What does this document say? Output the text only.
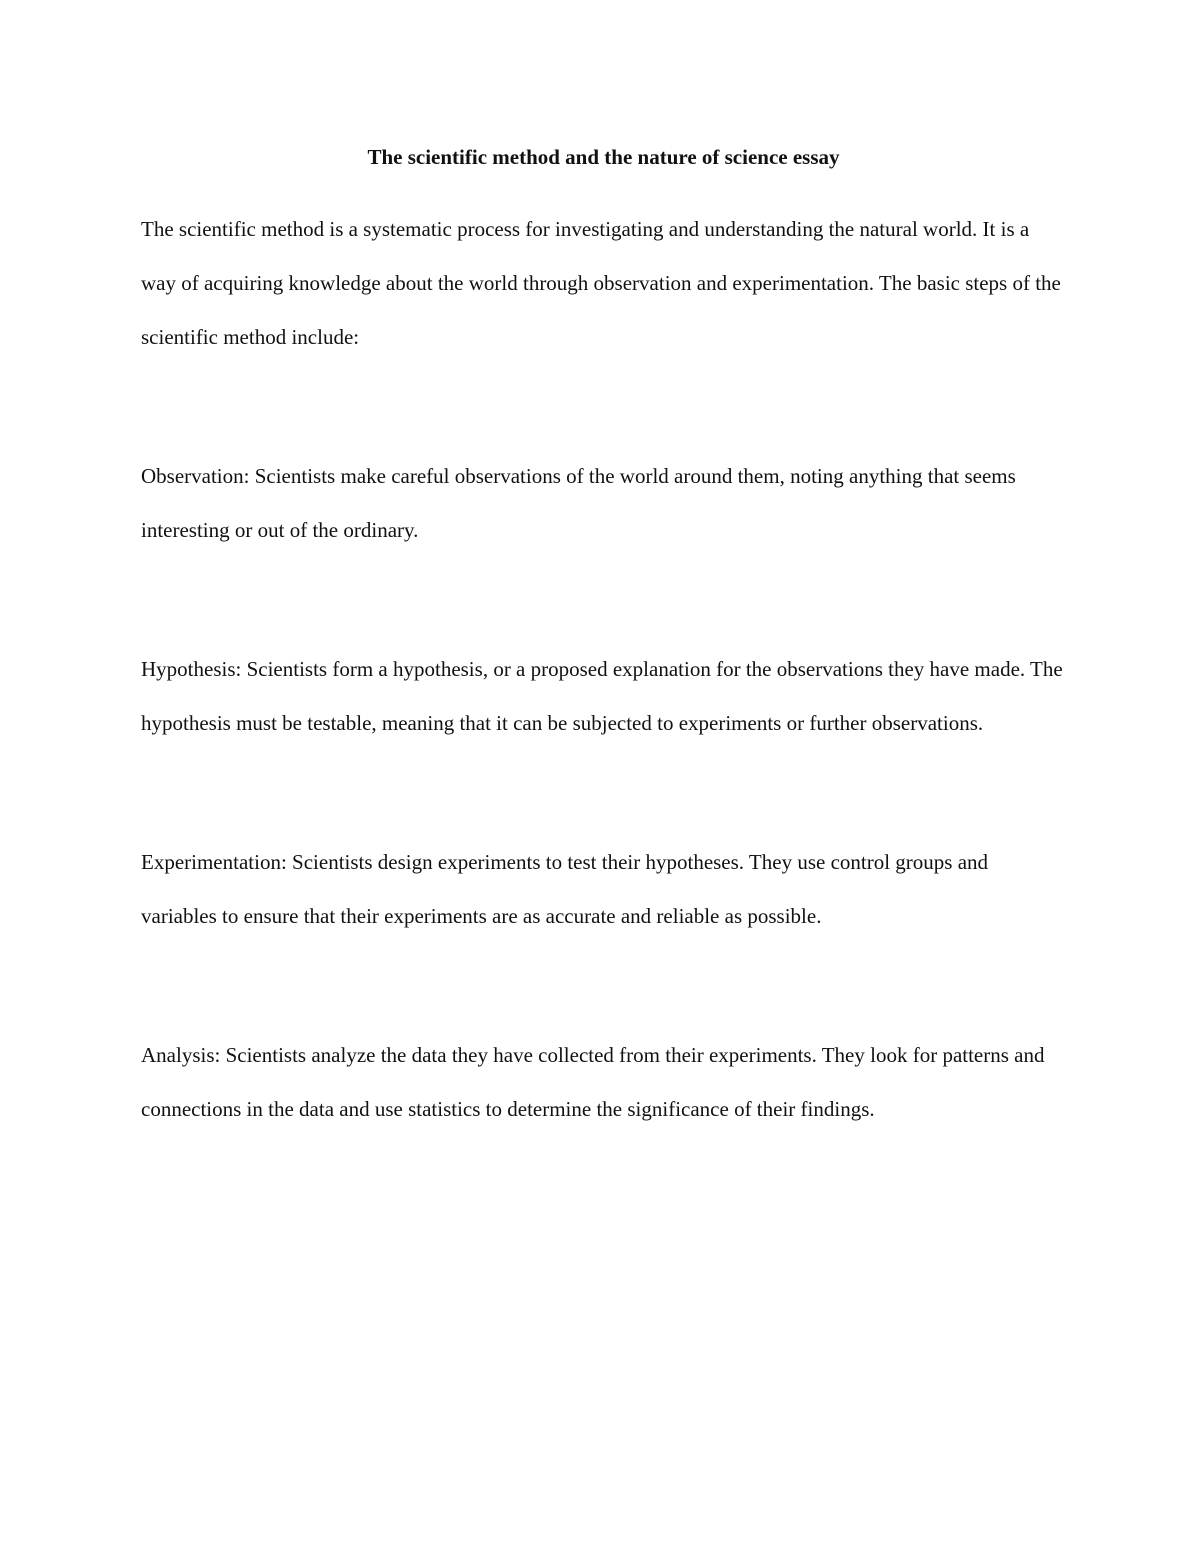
The scientific method and the nature of science essay

The scientific method is a systematic process for investigating and understanding the natural world. It is a way of acquiring knowledge about the world through observation and experimentation. The basic steps of the scientific method include:

Observation: Scientists make careful observations of the world around them, noting anything that seems interesting or out of the ordinary.

Hypothesis: Scientists form a hypothesis, or a proposed explanation for the observations they have made. The hypothesis must be testable, meaning that it can be subjected to experiments or further observations.

Experimentation: Scientists design experiments to test their hypotheses. They use control groups and variables to ensure that their experiments are as accurate and reliable as possible.

Analysis: Scientists analyze the data they have collected from their experiments. They look for patterns and connections in the data and use statistics to determine the significance of their findings.
